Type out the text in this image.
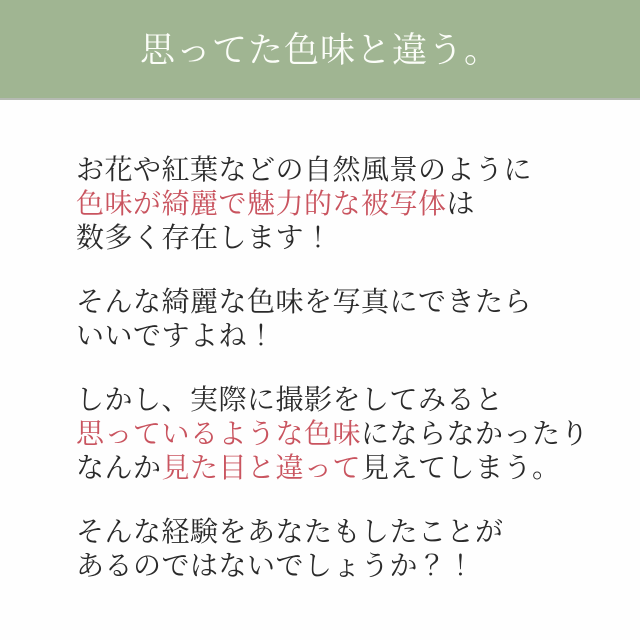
思ってた色味と違う。

お花や紅葉などの自然風景のように
色味が綺麗で魅力的な被写体は
数多く存在します！

そんな綺麗な色味を写真にできたら
いいですよね！

しかし、実際に撮影をしてみると
思っているような色味にならなかったり
なんか見た目と違って見えてしまう。

そんな経験をあなたもしたことが
あるのではないでしょうか？！
